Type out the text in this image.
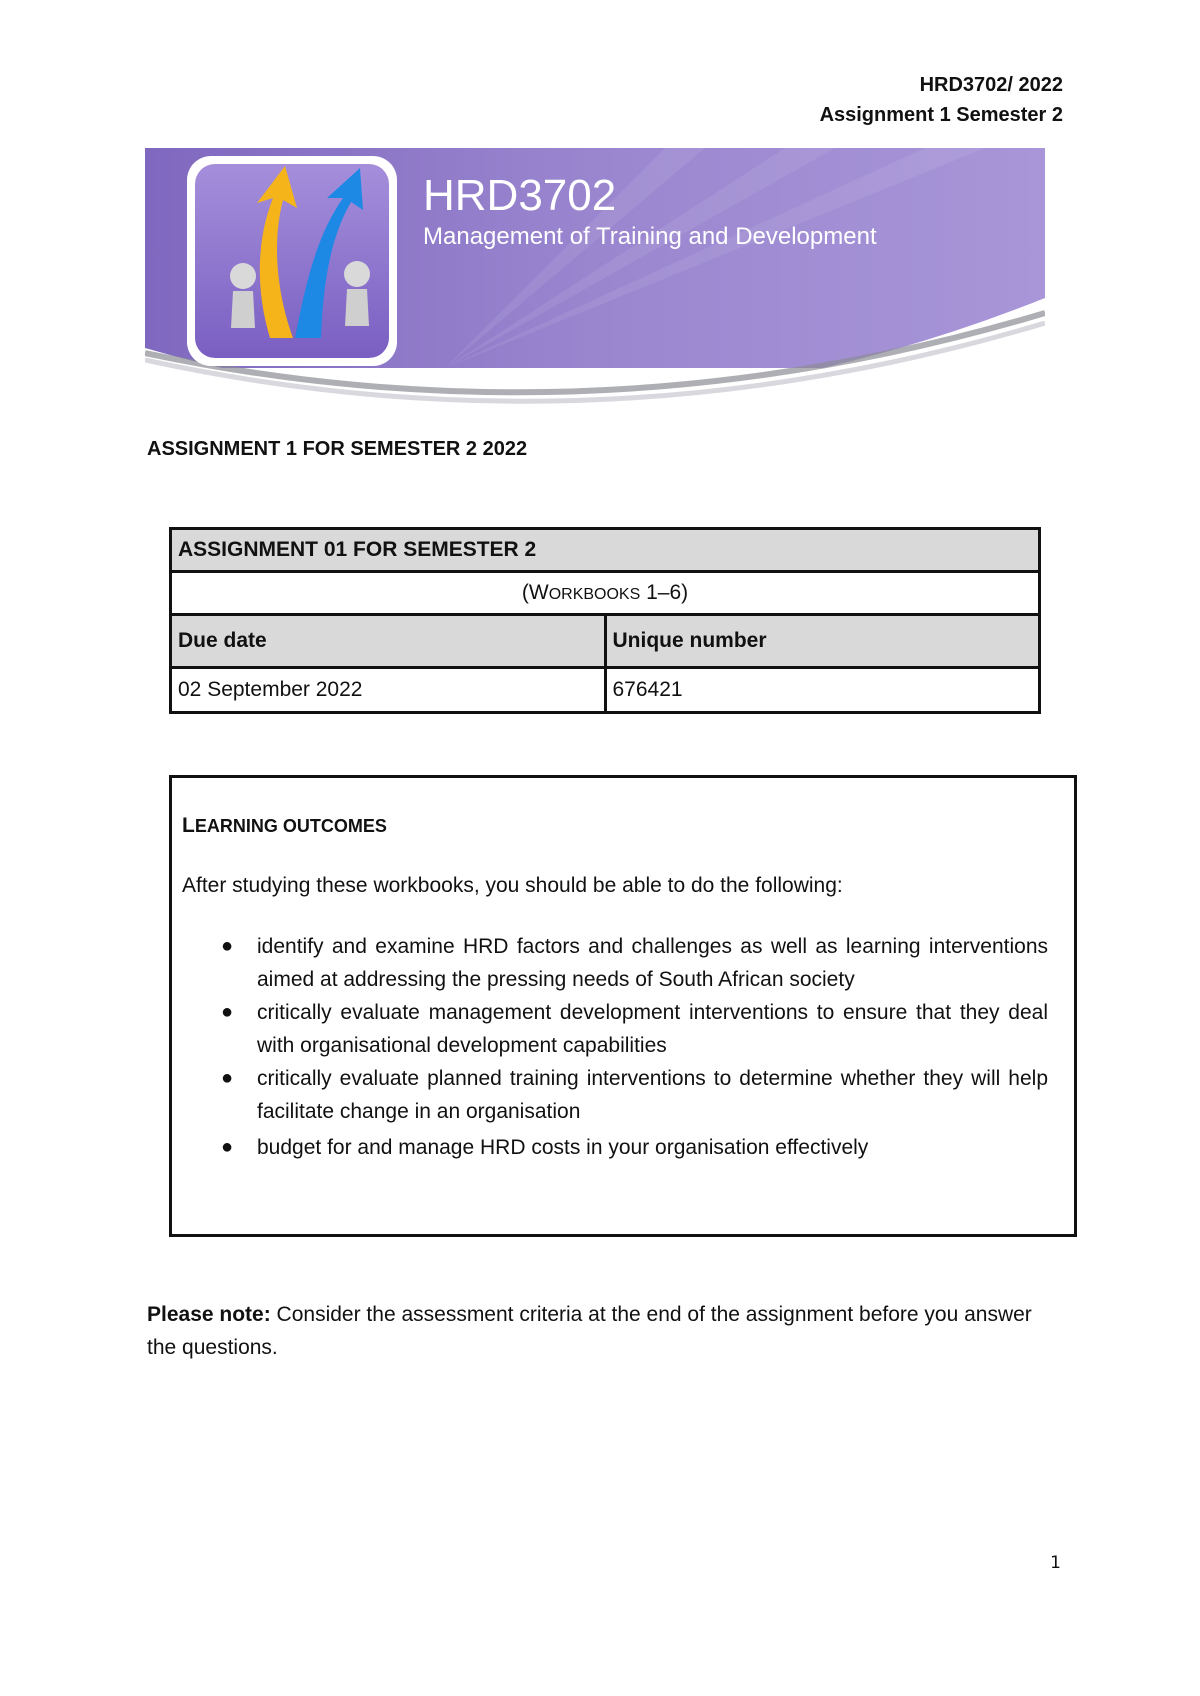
HRD3702/ 2022
Assignment 1 Semester 2
HRD3702
Management of Training and Development
ASSIGNMENT 1 FOR SEMESTER 2 2022
ASSIGNMENT 01 FOR SEMESTER 2	
(WORKBOOKS 1–6)	
Due date	Unique number
02 September 2022	676421
LEARNING OUTCOMES
After studying these workbooks, you should be able to do the following:
● identify and examine HRD factors and challenges as well as learning interventions aimed at addressing the pressing needs of South African society
● critically evaluate management development interventions to ensure that they deal with organisational development capabilities
● critically evaluate planned training interventions to determine whether they will help facilitate change in an organisation
● budget for and manage HRD costs in your organisation effectively
Please note: Consider the assessment criteria at the end of the assignment before you answer the questions.
1
